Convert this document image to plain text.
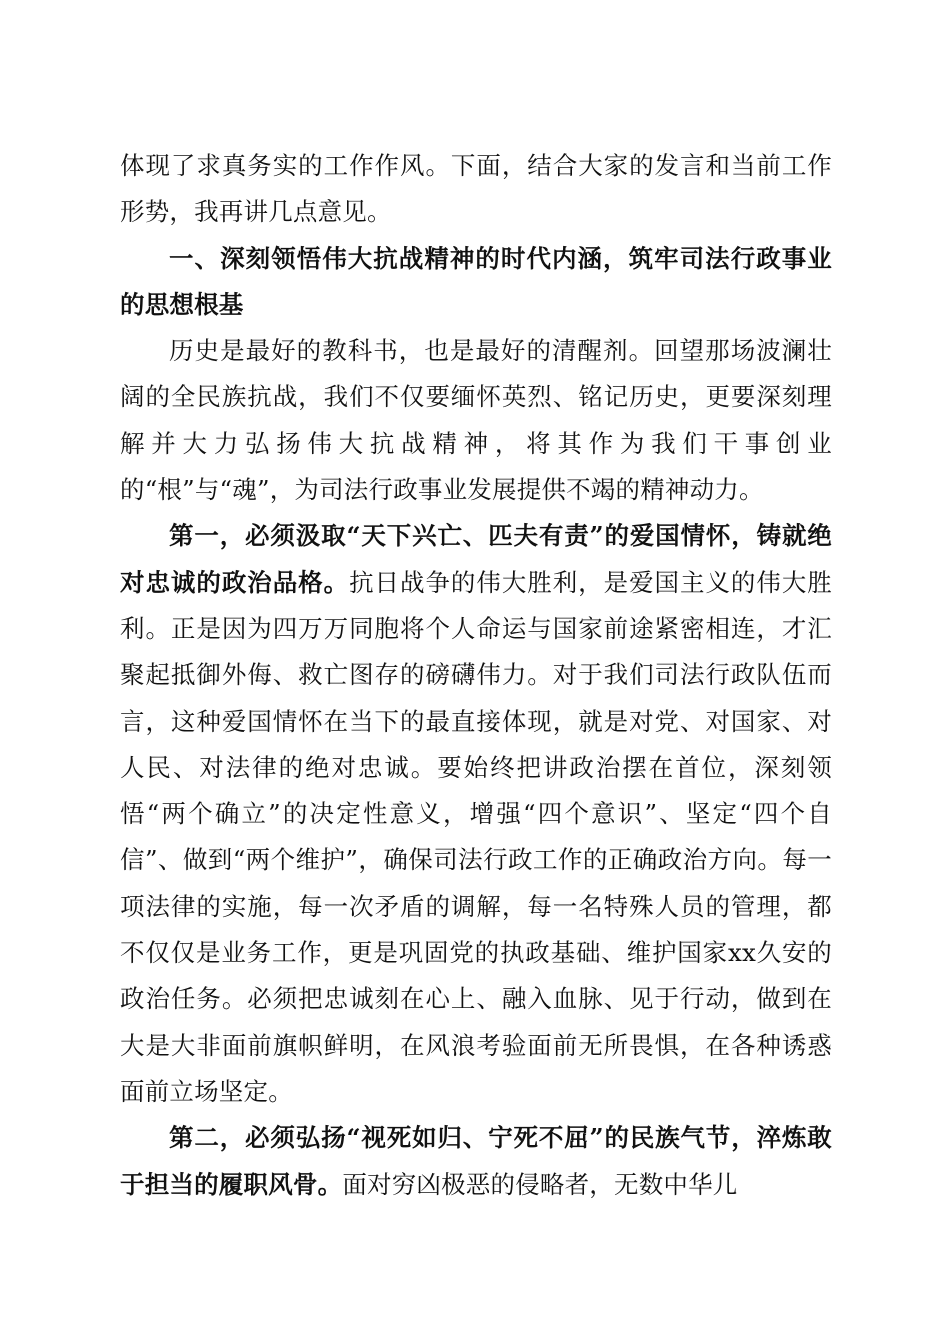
体现了求真务实的工作作风。下面，结合大家的发言和当前工作形势，我再讲几点意见。

一、深刻领悟伟大抗战精神的时代内涵，筑牢司法行政事业的思想根基

历史是最好的教科书，也是最好的清醒剂。回望那场波澜壮阔的全民族抗战，我们不仅要缅怀英烈、铭记历史，更要深刻理解并大力弘扬伟大抗战精神，将其作为我们干事创业的“根”与“魂”，为司法行政事业发展提供不竭的精神动力。

第一，必须汲取“天下兴亡、匹夫有责”的爱国情怀，铸就绝对忠诚的政治品格。抗日战争的伟大胜利，是爱国主义的伟大胜利。正是因为四万万同胞将个人命运与国家前途紧密相连，才汇聚起抵御外侮、救亡图存的磅礴伟力。对于我们司法行政队伍而言，这种爱国情怀在当下的最直接体现，就是对党、对国家、对人民、对法律的绝对忠诚。要始终把讲政治摆在首位，深刻领悟“两个确立”的决定性意义，增强“四个意识”、坚定“四个自信”、做到“两个维护”，确保司法行政工作的正确政治方向。每一项法律的实施，每一次矛盾的调解，每一名特殊人员的管理，都不仅仅是业务工作，更是巩固党的执政基础、维护国家xx久安的政治任务。必须把忠诚刻在心上、融入血脉、见于行动，做到在大是大非面前旗帜鲜明，在风浪考验面前无所畏惧，在各种诱惑面前立场坚定。

第二，必须弘扬“视死如归、宁死不屈”的民族气节，淬炼敢于担当的履职风骨。面对穷凶极恶的侵略者，无数中华儿
